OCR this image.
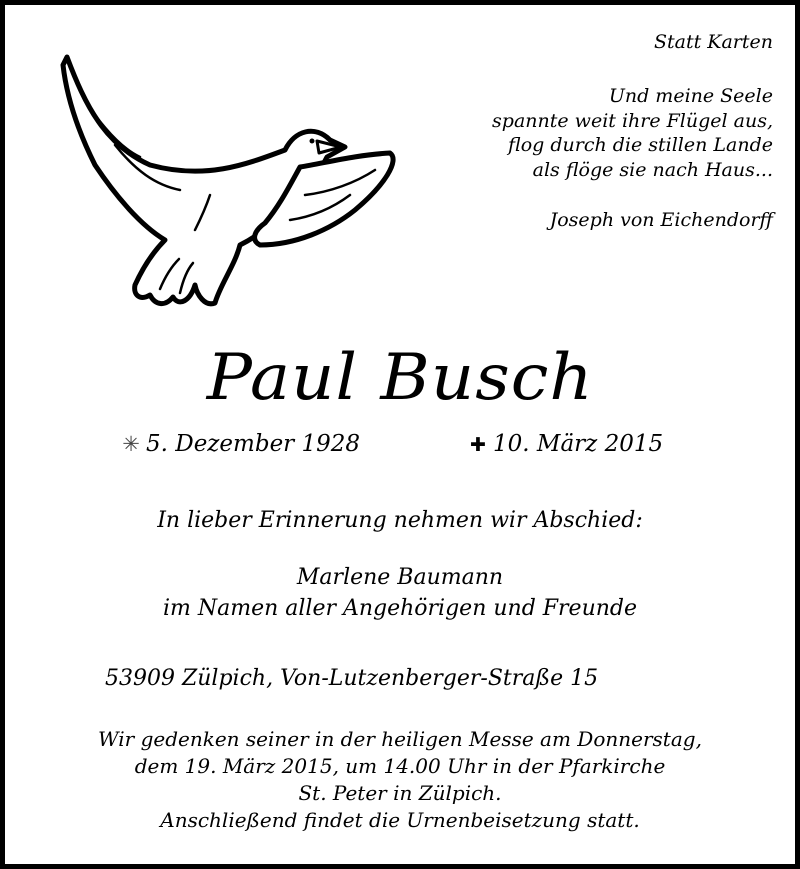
Statt Karten
Und meine Seele
spannte weit ihre Flügel aus,
flog durch die stillen Lande
als flöge sie nach Haus...
Joseph von Eichendorff
Paul Busch
✳ 5. Dezember 1928	✚ 10. März 2015
In lieber Erinnerung nehmen wir Abschied:
Marlene Baumann
im Namen aller Angehörigen und Freunde
53909 Zülpich, Von-Lutzenberger-Straße 15
Wir gedenken seiner in der heiligen Messe am Donnerstag,
dem 19. März 2015, um 14.00 Uhr in der Pfarkirche
St. Peter in Zülpich.
Anschließend findet die Urnenbeisetzung statt.
